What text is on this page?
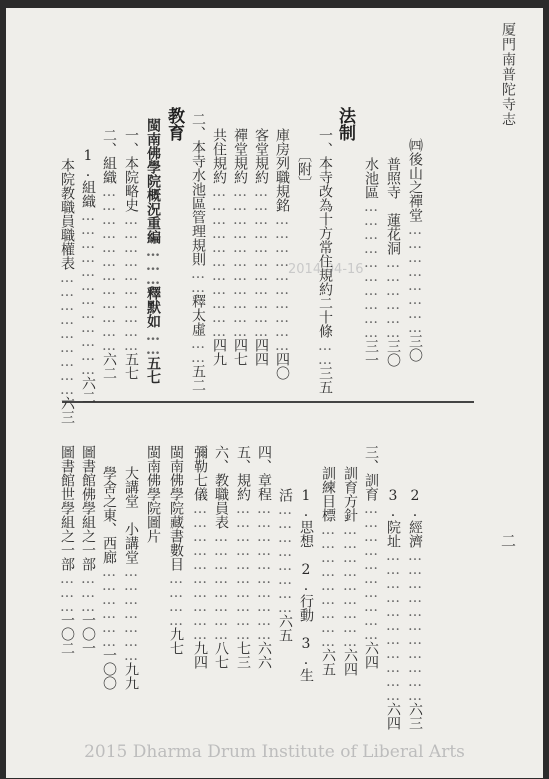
厦門南普陀寺志
二
2014-04-16
㈣後山之禪堂……………………三〇
普照寺　蓮花洞………………三〇
水池區…………………………三一
法制
一、本寺改為十方常住規約二十條……三五
〔附〕
庫房列職規銘…………………………四〇
客堂規約……………………………四四
禪堂規約……………………………四七
共住規約……………………………四九
二、本寺水池區管理規則……釋太虛……五二
教育
閩南佛學院概況重編………釋默如……五七
一、本院略史…………………………五七
二、組織………………………………六二
1.組織………………………………六二
本院教職員職權表………………………六三
2.經濟……………………………六三
3.院址……………………………六四
三、訓育…………………………六四
訓育方針………………………六四
訓練目標………………………六五
1.思想　2.行動　3.生
活……………………六五
四、章程…………………………六六
五、規約…………………………七三
六、教職員表……………………八七
彌勒七儀…………………………九四
閩南佛學院藏書數目…………九七
閩南佛學院圖片
大講堂　小講堂…………………九九
學舍之東、西廊………………一〇〇
圖書館佛學組之一部………一〇一
圖書館世學組之一部………一〇二
2015 Dharma Drum Institute of Liberal Arts
